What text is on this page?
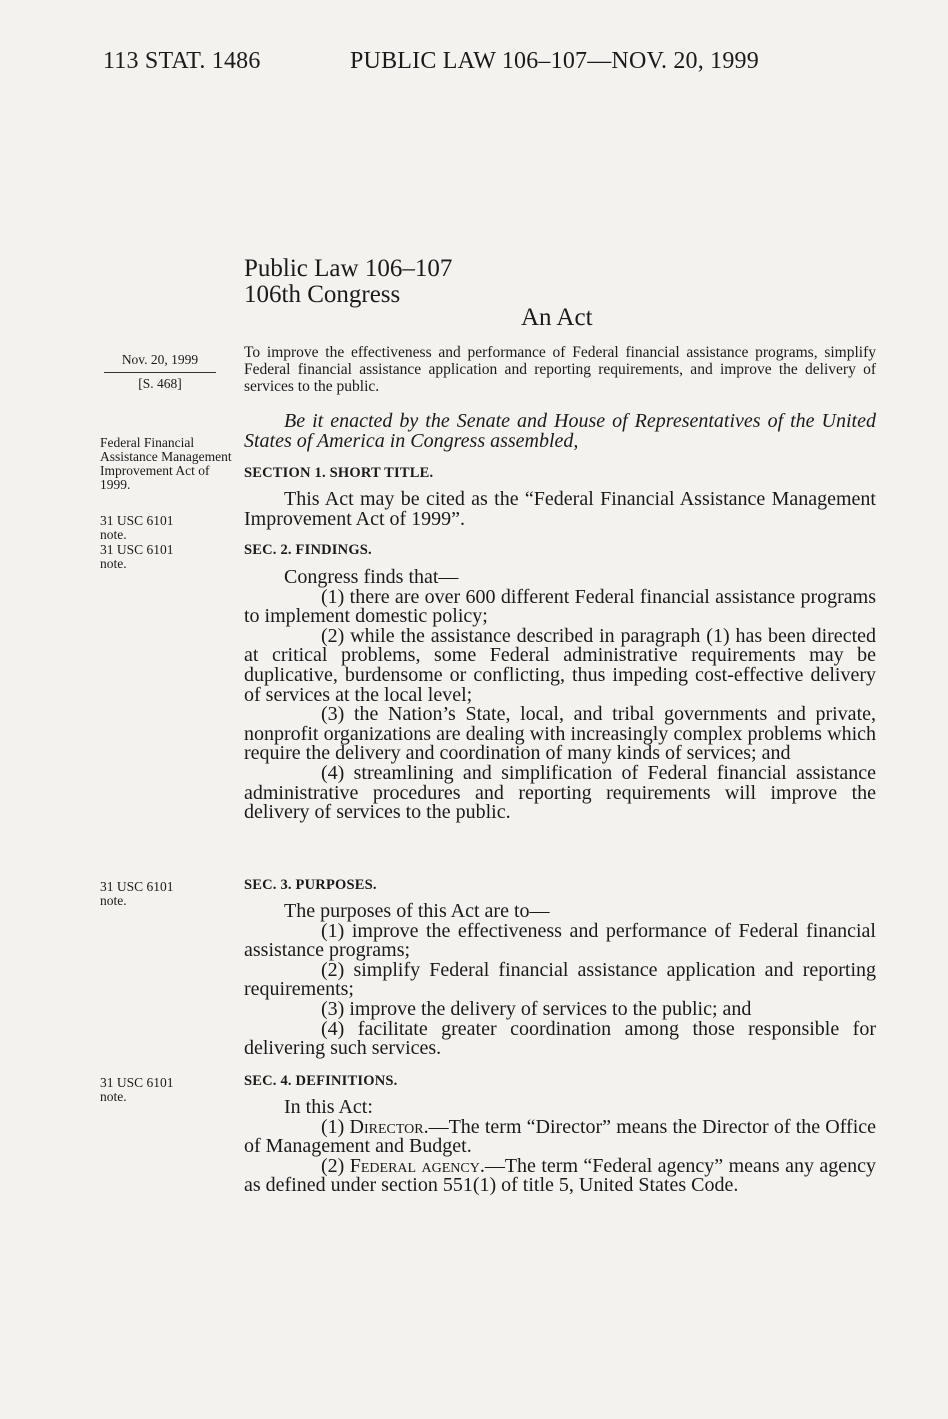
113 STAT. 1486	PUBLIC LAW 106–107—NOV. 20, 1999
Public Law 106–107
106th Congress
An Act
Nov. 20, 1999
[S. 468]
To improve the effectiveness and performance of Federal financial assistance programs, simplify Federal financial assistance application and reporting requirements, and improve the delivery of services to the public.
Federal Financial Assistance Management Improvement Act of 1999.
31 USC 6101 note.
31 USC 6101 note.
31 USC 6101 note.
31 USC 6101 note.

Be it enacted by the Senate and House of Representatives of the United States of America in Congress assembled,

SECTION 1. SHORT TITLE.

This Act may be cited as the “Federal Financial Assistance Management Improvement Act of 1999”.

SEC. 2. FINDINGS.

Congress finds that—

(1) there are over 600 different Federal financial assistance programs to implement domestic policy;

(2) while the assistance described in paragraph (1) has been directed at critical problems, some Federal administrative requirements may be duplicative, burdensome or conflicting, thus impeding cost-effective delivery of services at the local level;

(3) the Nation’s State, local, and tribal governments and private, nonprofit organizations are dealing with increasingly complex problems which require the delivery and coordination of many kinds of services; and

(4) streamlining and simplification of Federal financial assistance administrative procedures and reporting requirements will improve the delivery of services to the public.

SEC. 3. PURPOSES.

The purposes of this Act are to—

(1) improve the effectiveness and performance of Federal financial assistance programs;

(2) simplify Federal financial assistance application and reporting requirements;

(3) improve the delivery of services to the public; and

(4) facilitate greater coordination among those responsible for delivering such services.

SEC. 4. DEFINITIONS.

In this Act:

(1) Director.—The term “Director” means the Director of the Office of Management and Budget.

(2) Federal agency.—The term “Federal agency” means any agency as defined under section 551(1) of title 5, United States Code.
